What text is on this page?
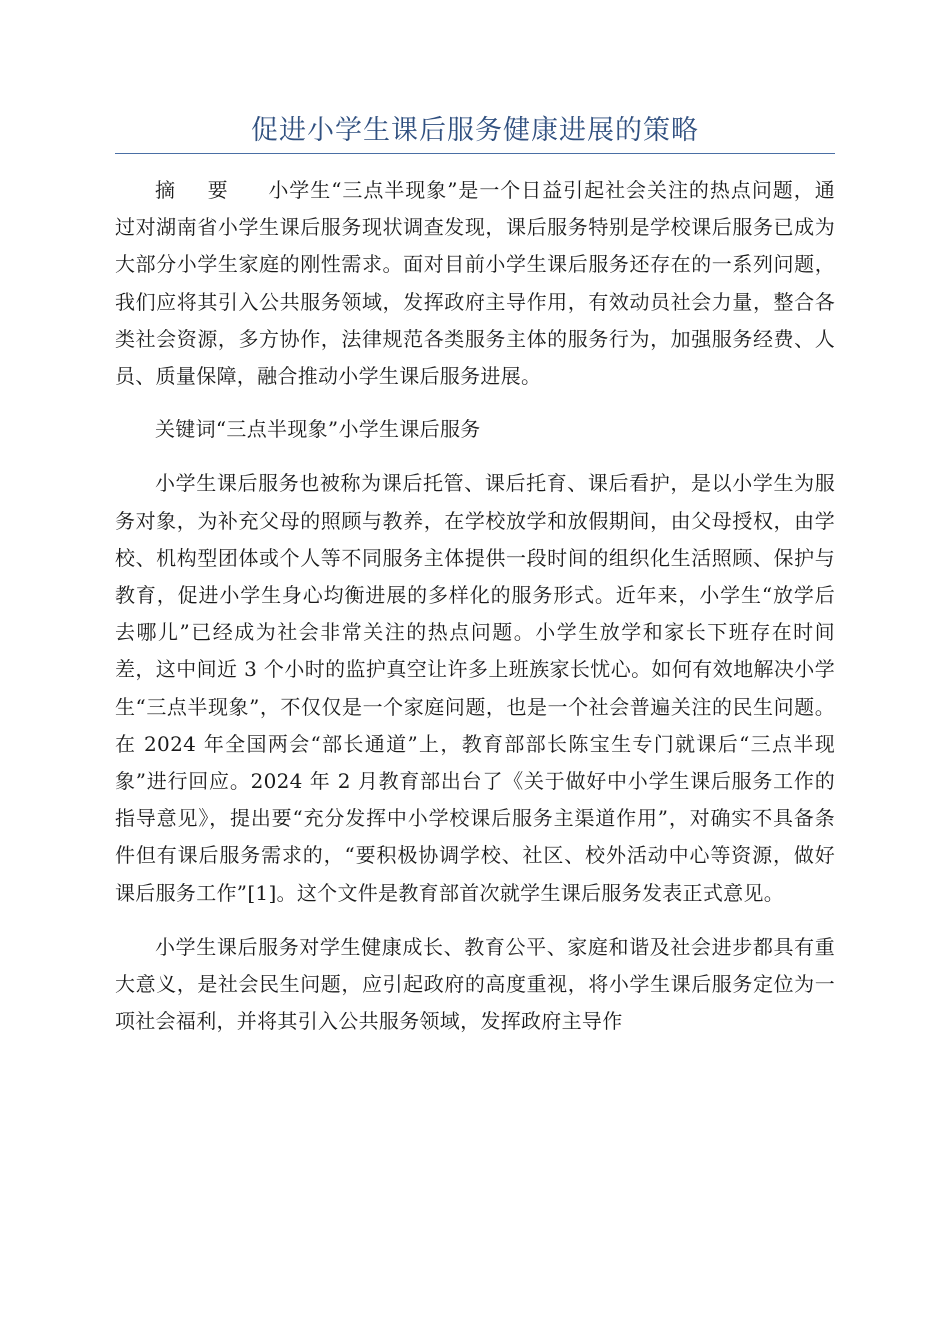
促进小学生课后服务健康进展的策略

摘要 小学生“三点半现象”是一个日益引起社会关注的热点问题，通过对湖南省小学生课后服务现状调查发现，课后服务特别是学校课后服务已成为大部分小学生家庭的刚性需求。面对目前小学生课后服务还存在的一系列问题，我们应将其引入公共服务领域，发挥政府主导作用，有效动员社会力量，整合各类社会资源，多方协作，法律规范各类服务主体的服务行为，加强服务经费、人员、质量保障，融合推动小学生课后服务进展。

关键词“三点半现象”小学生课后服务

小学生课后服务也被称为课后托管、课后托育、课后看护，是以小学生为服务对象，为补充父母的照顾与教养，在学校放学和放假期间，由父母授权，由学校、机构型团体或个人等不同服务主体提供一段时间的组织化生活照顾、保护与教育，促进小学生身心均衡进展的多样化的服务形式。近年来，小学生“放学后去哪儿”已经成为社会非常关注的热点问题。小学生放学和家长下班存在时间差，这中间近 3 个小时的监护真空让许多上班族家长忧心。如何有效地解决小学生“三点半现象”，不仅仅是一个家庭问题，也是一个社会普遍关注的民生问题。在 2024 年全国两会“部长通道”上，教育部部长陈宝生专门就课后“三点半现象”进行回应。2024 年 2 月教育部出台了《关于做好中小学生课后服务工作的指导意见》，提出要“充分发挥中小学校课后服务主渠道作用”，对确实不具备条件但有课后服务需求的，“要积极协调学校、社区、校外活动中心等资源，做好课后服务工作”[1]。这个文件是教育部首次就学生课后服务发表正式意见。

小学生课后服务对学生健康成长、教育公平、家庭和谐及社会进步都具有重大意义，是社会民生问题，应引起政府的高度重视，将小学生课后服务定位为一项社会福利，并将其引入公共服务领域，发挥政府主导作
